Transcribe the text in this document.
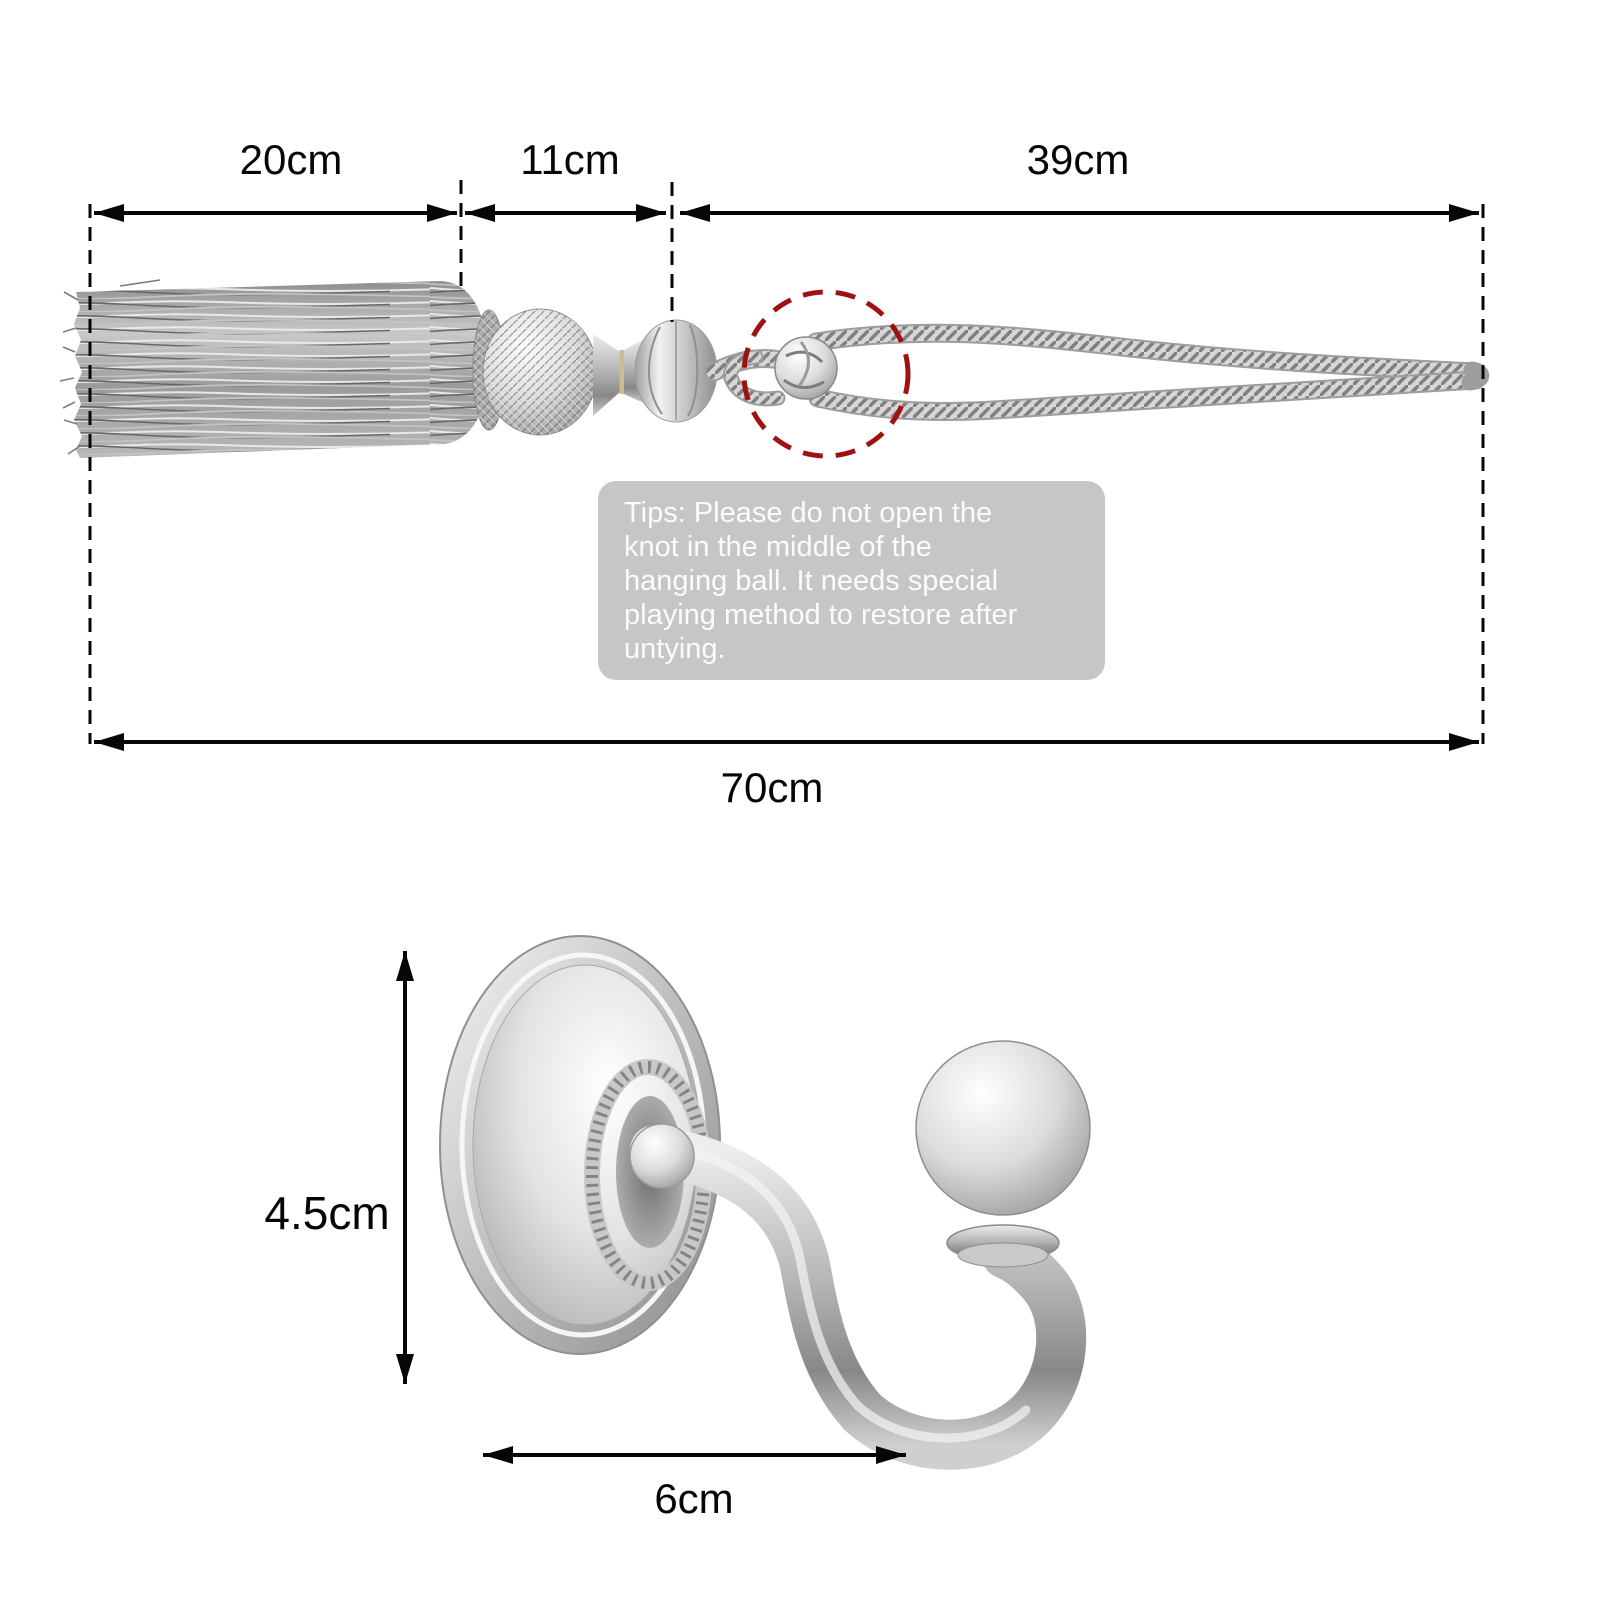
20cm	11cm	39cm
70cm
4.5cm
6cm
Tips: Please do not open the
knot in the middle of the
hanging ball. It needs special
playing method to restore after
untying.
